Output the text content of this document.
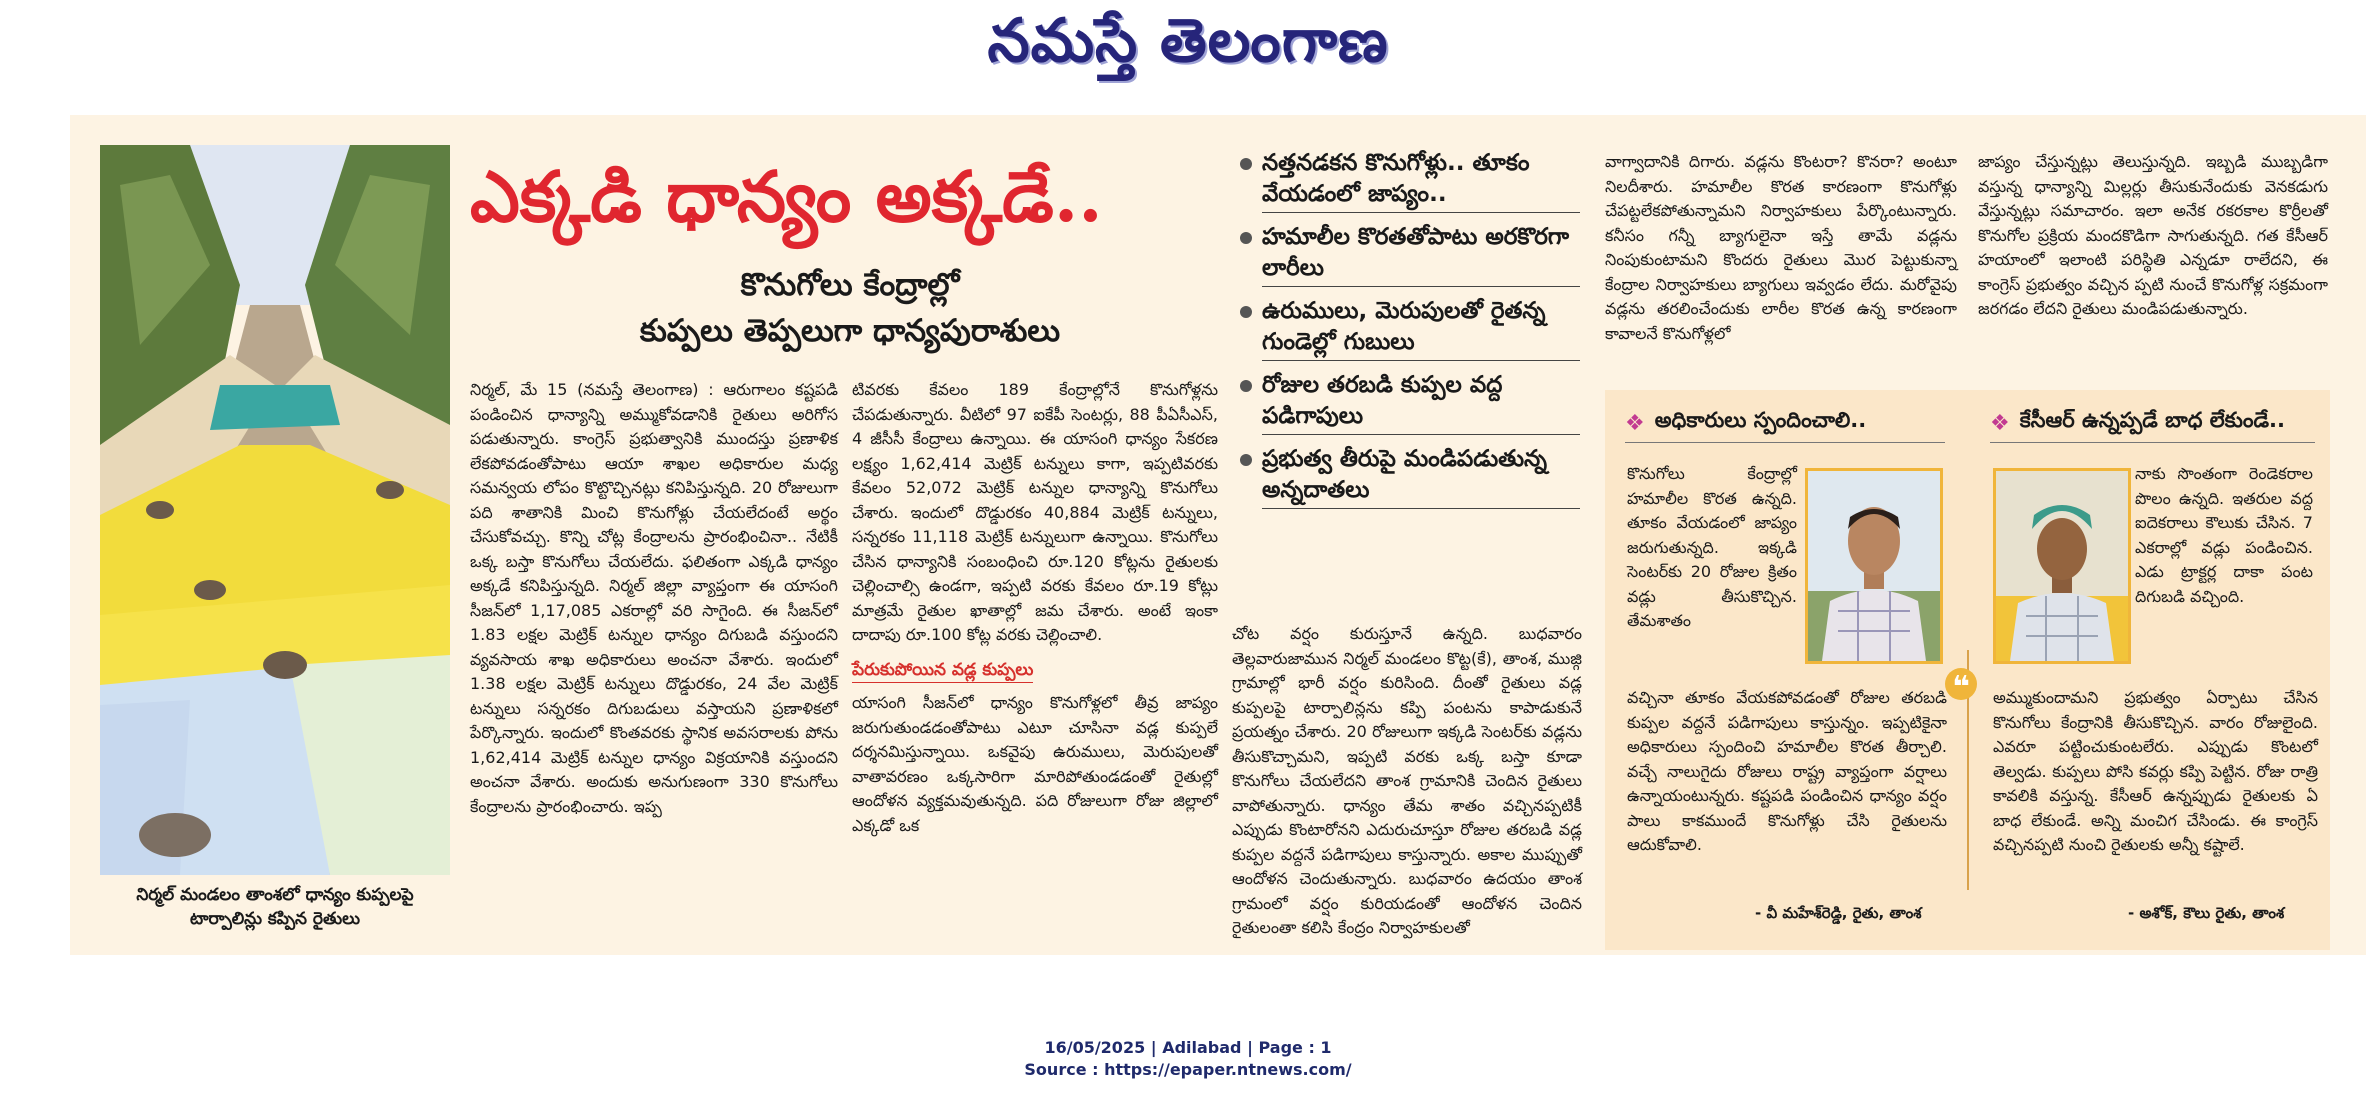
నమస్తే తెలంగాణ
నిర్మల్ మండలం తాంశలో ధాన్యం కుప్పలపై
టార్పాలిన్లు కప్పిన రైతులు
ఎక్కడి ధాన్యం అక్కడే..
కొనుగోలు కేంద్రాల్లో
కుప్పలు తెప్పలుగా ధాన్యపురాశులు
నిర్మల్, మే 15 (నమస్తే తెలంగాణ) : ఆరుగాలం కష్టపడి పండించిన ధాన్యాన్ని అమ్ముకోవడానికి రైతులు అరిగోస పడుతున్నారు. కాంగ్రెస్ ప్రభుత్వానికి ముందస్తు ప్రణాళిక లేకపోవడంతోపాటు ఆయా శాఖల అధికారుల మధ్య సమన్వయ లోపం కొట్టొచ్చినట్లు కనిపిస్తున్నది. 20 రోజులుగా పది శాతానికి మించి కొనుగోళ్లు చేయలేదంటే అర్థం చేసుకోవచ్చు. కొన్ని చోట్ల కేంద్రాలను ప్రారంభించినా.. నేటికీ ఒక్క బస్తా కొనుగోలు చేయలేదు. ఫలితంగా ఎక్కడి ధాన్యం అక్కడే కనిపిస్తున్నది. నిర్మల్ జిల్లా వ్యాప్తంగా ఈ యాసంగి సీజన్‌లో 1,17,085 ఎకరాల్లో వరి సాగైంది. ఈ సీజన్‌లో 1.83 లక్షల మెట్రిక్ టన్నుల ధాన్యం దిగుబడి వస్తుందని వ్యవసాయ శాఖ అధికారులు అంచనా వేశారు. ఇందులో 1.38 లక్షల మెట్రిక్ టన్నులు దొడ్డురకం, 24 వేల మెట్రిక్ టన్నులు సన్నరకం దిగుబడులు వస్తాయని ప్రణాళికలో పేర్కొన్నారు. ఇందులో కొంతవరకు స్థానిక అవసరాలకు పోను 1,62,414 మెట్రిక్ టన్నుల ధాన్యం విక్రయానికి వస్తుందని అంచనా వేశారు. అందుకు అనుగుణంగా 330 కొనుగోలు కేంద్రాలను ప్రారంభించారు. ఇప్ప
టివరకు కేవలం 189 కేంద్రాల్లోనే కొనుగోళ్లను చేపడుతున్నారు. వీటిలో 97 ఐకేపీ సెంటర్లు, 88 పీఏసీఎస్, 4 జీసీసీ కేంద్రాలు ఉన్నాయి. ఈ యాసంగి ధాన్యం సేకరణ లక్ష్యం 1,62,414 మెట్రిక్ టన్నులు కాగా, ఇప్పటివరకు కేవలం 52,072 మెట్రిక్ టన్నుల ధాన్యాన్ని కొనుగోలు చేశారు. ఇందులో దొడ్డురకం 40,884 మెట్రిక్ టన్నులు, సన్నరకం 11,118 మెట్రిక్ టన్నులుగా ఉన్నాయి. కొనుగోలు చేసిన ధాన్యానికి సంబంధించి రూ.120 కోట్లను రైతులకు చెల్లించాల్సి ఉండగా, ఇప్పటి వరకు కేవలం రూ.19 కోట్లు మాత్రమే రైతుల ఖాతాల్లో జమ చేశారు. అంటే ఇంకా దాదాపు రూ.100 కోట్ల వరకు చెల్లించాలి.
పేరుకుపోయిన వడ్ల కుప్పలు
యాసంగి సీజన్‌లో ధాన్యం కొనుగోళ్లలో తీవ్ర జాప్యం జరుగుతుండడంతోపాటు ఎటూ చూసినా వడ్ల కుప్పలే దర్శనమిస్తున్నాయి. ఒకవైపు ఉరుములు, మెరుపులతో వాతావరణం ఒక్కసారిగా మారిపోతుండడంతో రైతుల్లో ఆందోళన వ్యక్తమవుతున్నది. పది రోజులుగా రోజు జిల్లాలో ఎక్కడో ఒక
నత్తనడకన కొనుగోళ్లు.. తూకం వేయడంలో జాప్యం..
హమాలీల కొరతతోపాటు అరకొరగా లారీలు
ఉరుములు, మెరుపులతో రైతన్న గుండెల్లో గుబులు
రోజుల తరబడి కుప్పల వద్ద పడిగాపులు
ప్రభుత్వ తీరుపై మండిపడుతున్న అన్నదాతలు
చోట వర్షం కురుస్తూనే ఉన్నది. బుధవారం తెల్లవారుజామున నిర్మల్ మండలం కొట్ట(కే), తాంశ, ముజ్గి గ్రామాల్లో భారీ వర్షం కురిసింది. దీంతో రైతులు వడ్ల కుప్పలపై టార్పాలిన్లను కప్పి పంటను కాపాడుకునే ప్రయత్నం చేశారు. 20 రోజులుగా ఇక్కడి సెంటర్‌కు వడ్లను తీసుకొచ్చామని, ఇప్పటి వరకు ఒక్క బస్తా కూడా కొనుగోలు చేయలేదని తాంశ గ్రామానికి చెందిన రైతులు వాపోతున్నారు. ధాన్యం తేమ శాతం వచ్చినప్పటికీ ఎప్పుడు కొంటారోనని ఎదురుచూస్తూ రోజుల తరబడి వడ్ల కుప్పల వద్దనే పడిగాపులు కాస్తున్నారు. అకాల ముప్పుతో ఆందోళన చెందుతున్నారు. బుధవారం ఉదయం తాంశ గ్రామంలో వర్షం కురియడంతో ఆందోళన చెందిన రైతులంతా కలిసి కేంద్రం నిర్వాహకులతో
వాగ్వాదానికి దిగారు. వడ్లను కొంటరా? కొనరా? అంటూ నిలదీశారు. హమాలీల కొరత కారణంగా కొనుగోళ్లు చేపట్టలేకపోతున్నామని నిర్వాహకులు పేర్కొంటున్నారు. కనీసం గన్నీ బ్యాగులైనా ఇస్తే తామే వడ్లను నింపుకుంటామని కొందరు రైతులు మొర పెట్టుకున్నా కేంద్రాల నిర్వాహకులు బ్యాగులు ఇవ్వడం లేదు. మరోవైపు వడ్లను తరలించేందుకు లారీల కొరత ఉన్న కారణంగా కావాలనే కొనుగోళ్లలో
జాప్యం చేస్తున్నట్లు తెలుస్తున్నది. ఇబ్బడి ముబ్బడిగా వస్తున్న ధాన్యాన్ని మిల్లర్లు తీసుకునేందుకు వెనకడుగు వేస్తున్నట్లు సమాచారం. ఇలా అనేక రకరకాల కొర్రీలతో కొనుగోల ప్రక్రియ మందకొడిగా సాగుతున్నది. గత కేసీఆర్ హయాంలో ఇలాంటి పరిస్థితి ఎన్నడూ రాలేదని, ఈ కాంగ్రెస్ ప్రభుత్వం వచ్చిన ప్పటి నుంచే కొనుగోళ్ల సక్రమంగా జరగడం లేదని రైతులు మండిపడుతున్నారు.
❖ అధికారులు స్పందించాలి..	❖ కేసీఆర్ ఉన్నప్పడే బాధ లేకుండే..
కొనుగోలు కేంద్రాల్లో హమాలీల కొరత ఉన్నది. తూకం వేయడంలో జాప్యం జరుగుతున్నది. ఇక్కడి సెంటర్‌కు 20 రోజుల క్రితం వడ్లు తీసుకొచ్చిన. తేమశాతం
వచ్చినా తూకం వేయకపోవడంతో రోజుల తరబడి కుప్పల వద్దనే పడిగాపులు కాస్తున్నం. ఇప్పటికైనా అధికారులు స్పందించి హమాలీల కొరత తీర్చాలి. వచ్చే నాలుగైదు రోజులు రాష్ట్ర వ్యాప్తంగా వర్షాలు ఉన్నాయంటున్నరు. కష్టపడి పండించిన ధాన్యం వర్షం పాలు కాకముందే కొనుగోళ్లు చేసి రైతులను ఆదుకోవాలి.
నాకు సొంతంగా రెండెకరాల పొలం ఉన్నది. ఇతరుల వద్ద ఐదెకరాలు కౌలుకు చేసిన. 7 ఎకరాల్లో వడ్లు పండించిన. ఎడు ట్రాక్టర్ల దాకా పంట దిగుబడి వచ్చింది.
అమ్ముకుందామని ప్రభుత్వం ఏర్పాటు చేసిన కొనుగోలు కేంద్రానికి తీసుకొచ్చిన. వారం రోజులైంది. ఎవరూ పట్టించుకుంటలేరు. ఎప్పుడు కొంటలో తెల్వడు. కుప్పలు పోసి కవర్లు కప్పి పెట్టిన. రోజు రాత్రి కావలికి వస్తున్న. కేసీఆర్ ఉన్నప్పుడు రైతులకు ఏ బాధ లేకుండే. అన్ని మంచిగ చేసిండు. ఈ కాంగ్రెస్ వచ్చినప్పటి నుంచి రైతులకు అన్నీ కష్టాలే.
❝
- వీ మహేశ్‌రెడ్డి, రైతు, తాంశ	- అశోక్, కౌలు రైతు, తాంశ
16/05/2025 | Adilabad | Page : 1
Source : https://epaper.ntnews.com/
